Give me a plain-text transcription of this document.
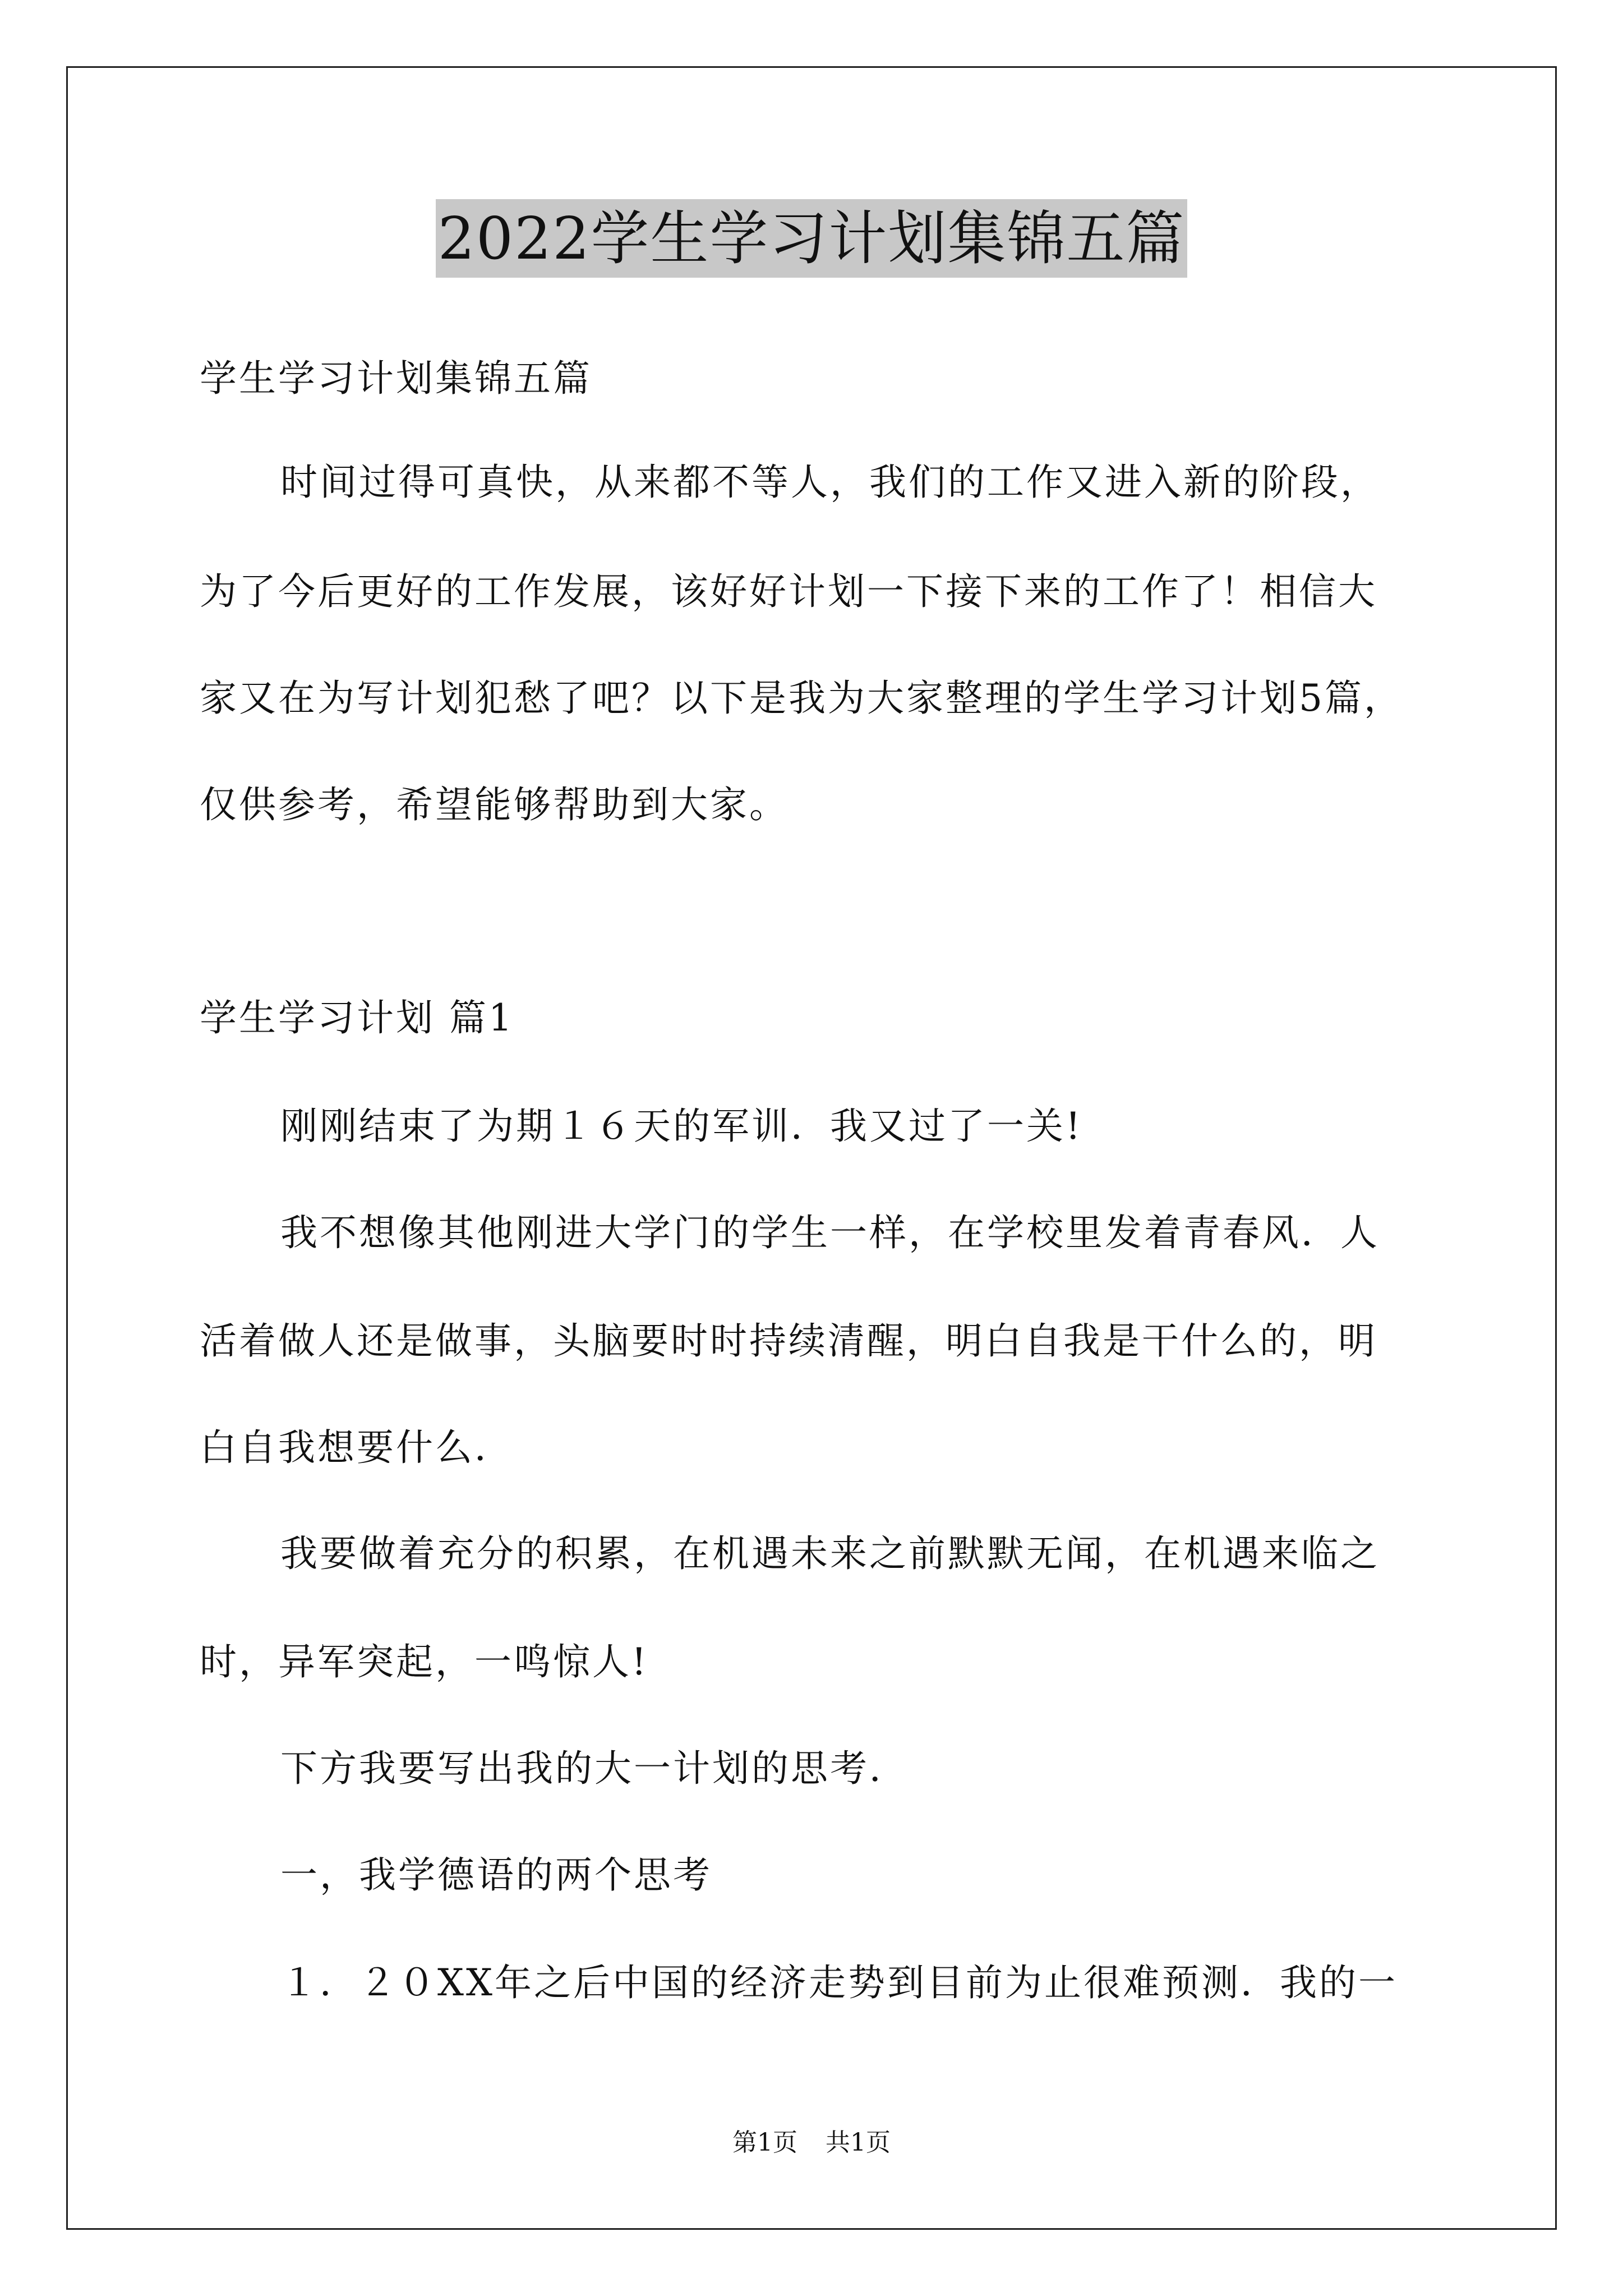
2022学生学习计划集锦五篇
学生学习计划集锦五篇
时间过得可真快，从来都不等人，我们的工作又进入新的阶段，
为了今后更好的工作发展，该好好计划一下接下来的工作了！相信大
家又在为写计划犯愁了吧？以下是我为大家整理的学生学习计划5篇，
仅供参考，希望能够帮助到大家。
学生学习计划 篇1
刚刚结束了为期１６天的军训．我又过了一关!
我不想像其他刚进大学门的学生一样，在学校里发着青春风．人
活着做人还是做事，头脑要时时持续清醒，明白自我是干什么的，明
白自我想要什么．
我要做着充分的积累，在机遇未来之前默默无闻，在机遇来临之
时，异军突起，一鸣惊人!
下方我要写出我的大一计划的思考．
一，我学德语的两个思考
１．２０XX年之后中国的经济走势到目前为止很难预测．我的一
第1页 共1页
